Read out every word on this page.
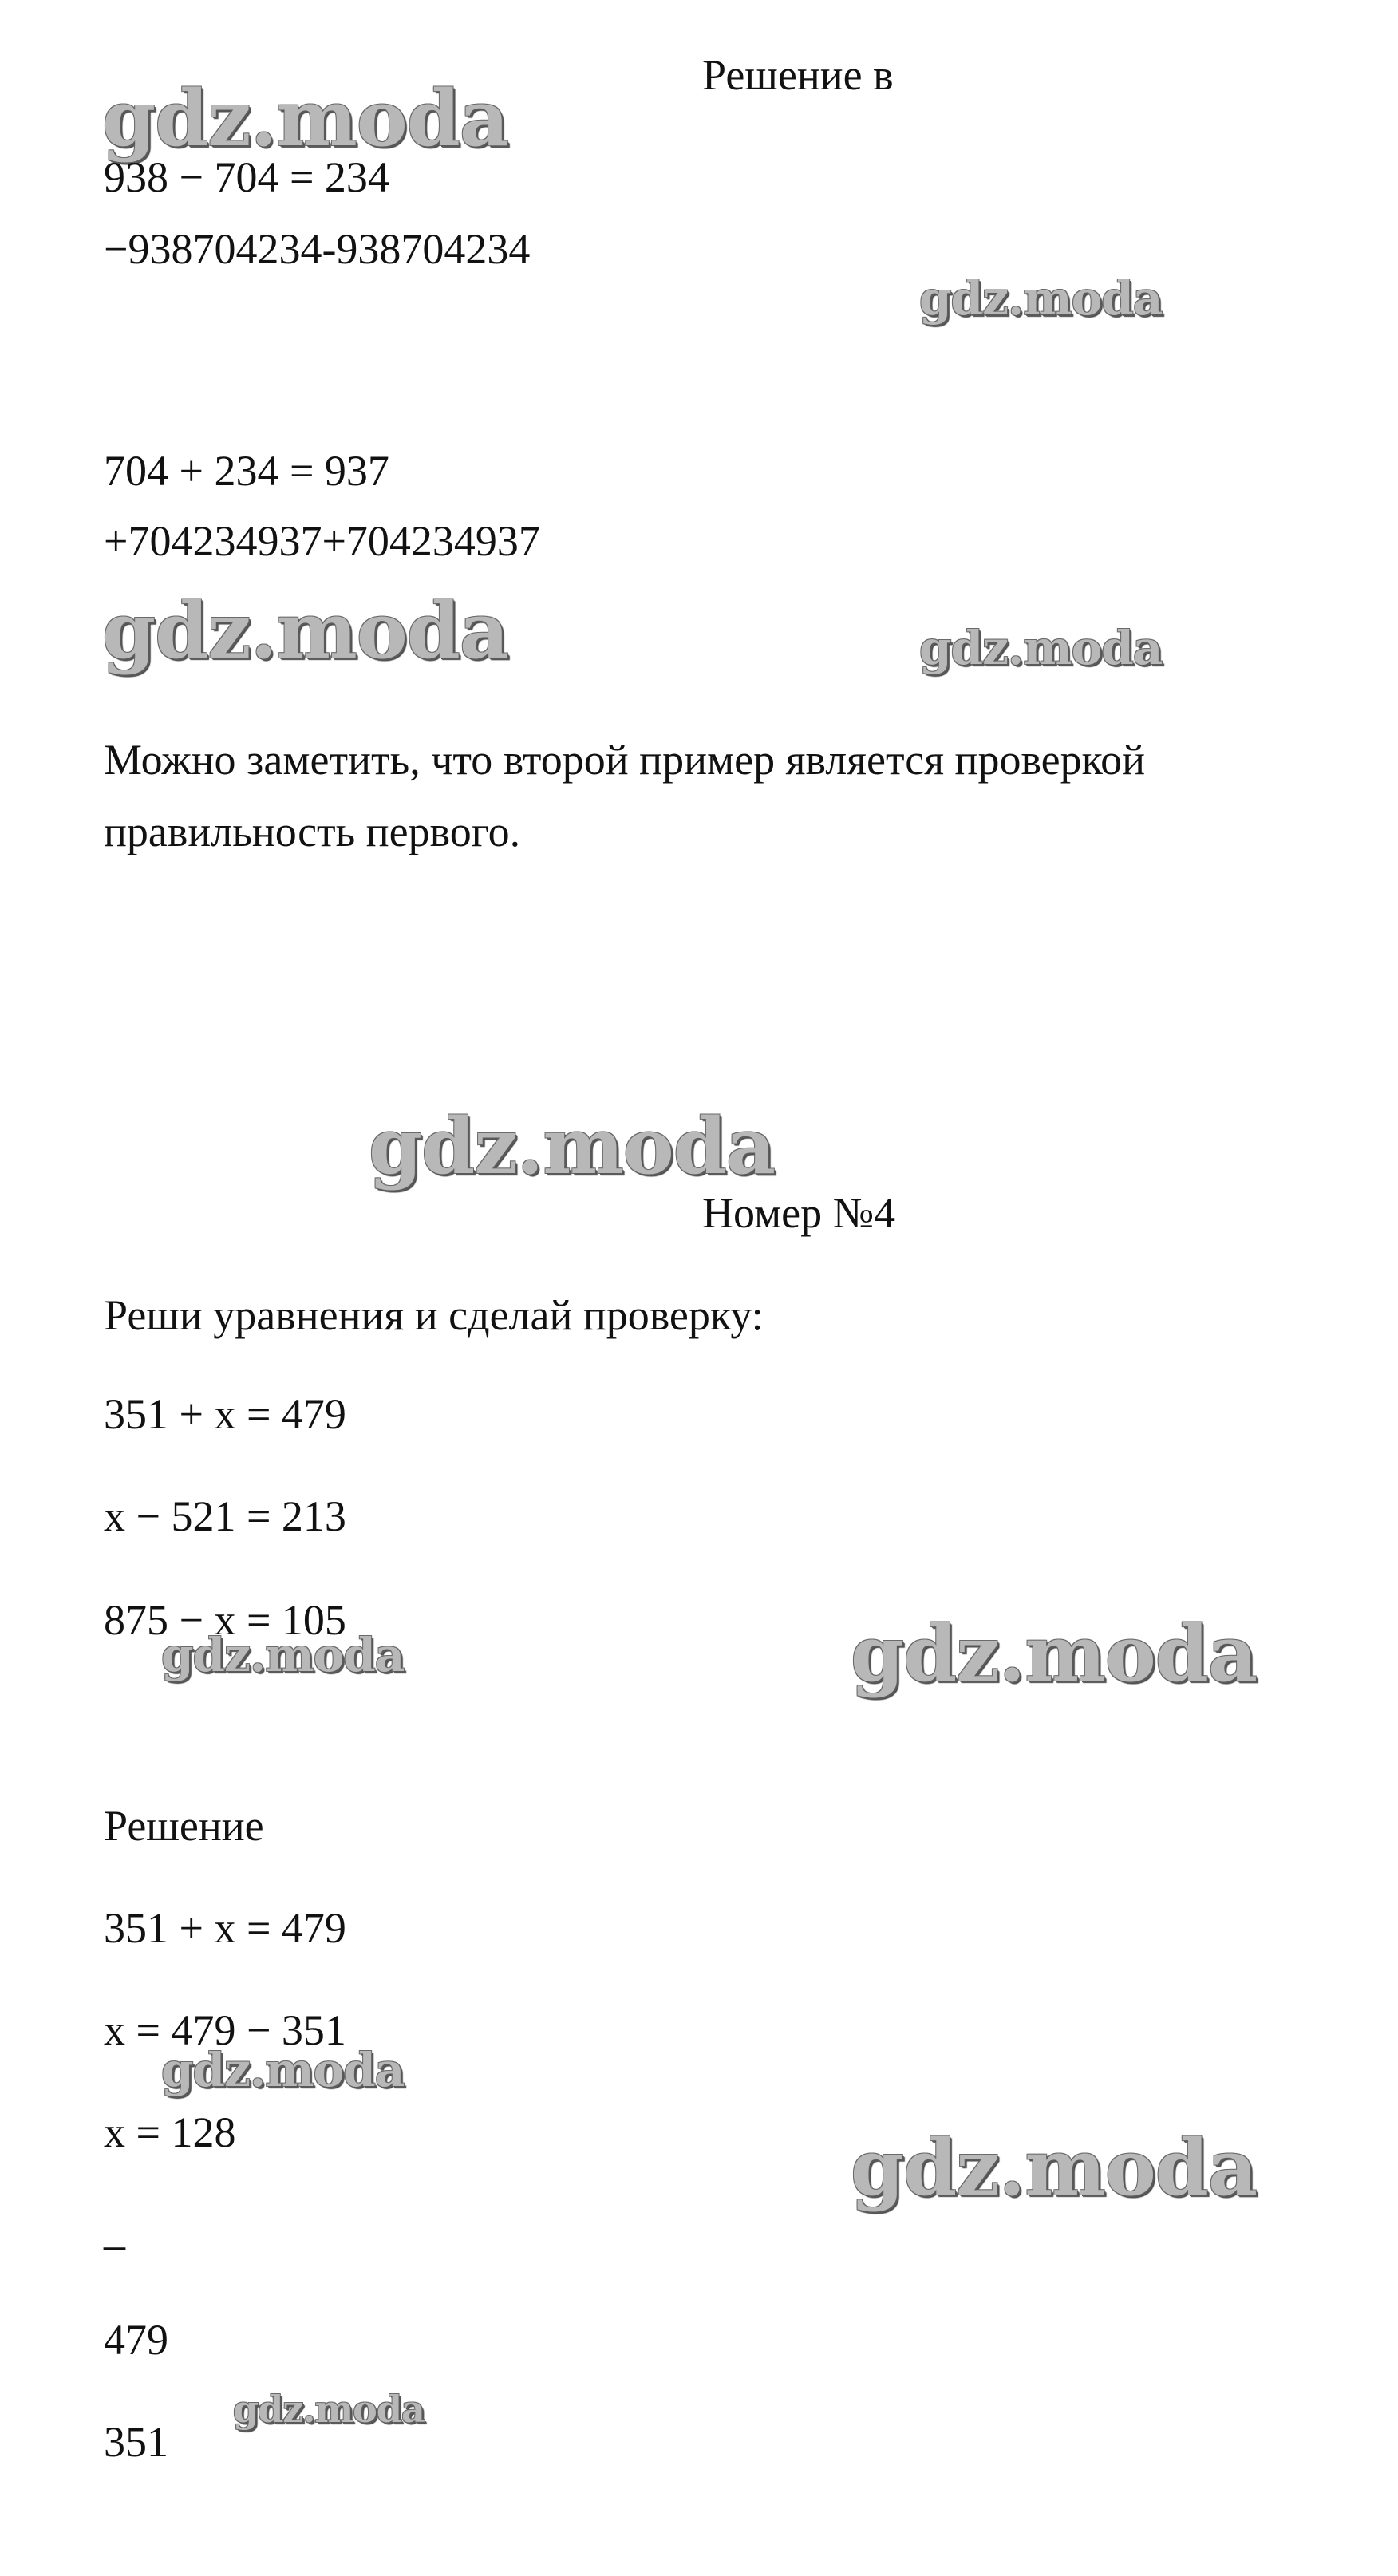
Решение в
gdz.moda
938 − 704 = 234
−938704234-938704234
gdz.moda
704 + 234 = 937
+704234937+704234937
gdz.moda	gdz.moda
Можно заметить, что второй пример является проверкой
правильность первого.
gdz.moda
Номер №4
Реши уравнения и сделай проверку:
351 + x = 479
x − 521 = 213
875 − x = 105
gdz.moda	gdz.moda
Решение
351 + x = 479
x = 479 − 351
gdz.moda
x = 128	gdz.moda
_
479
gdz.moda
351
